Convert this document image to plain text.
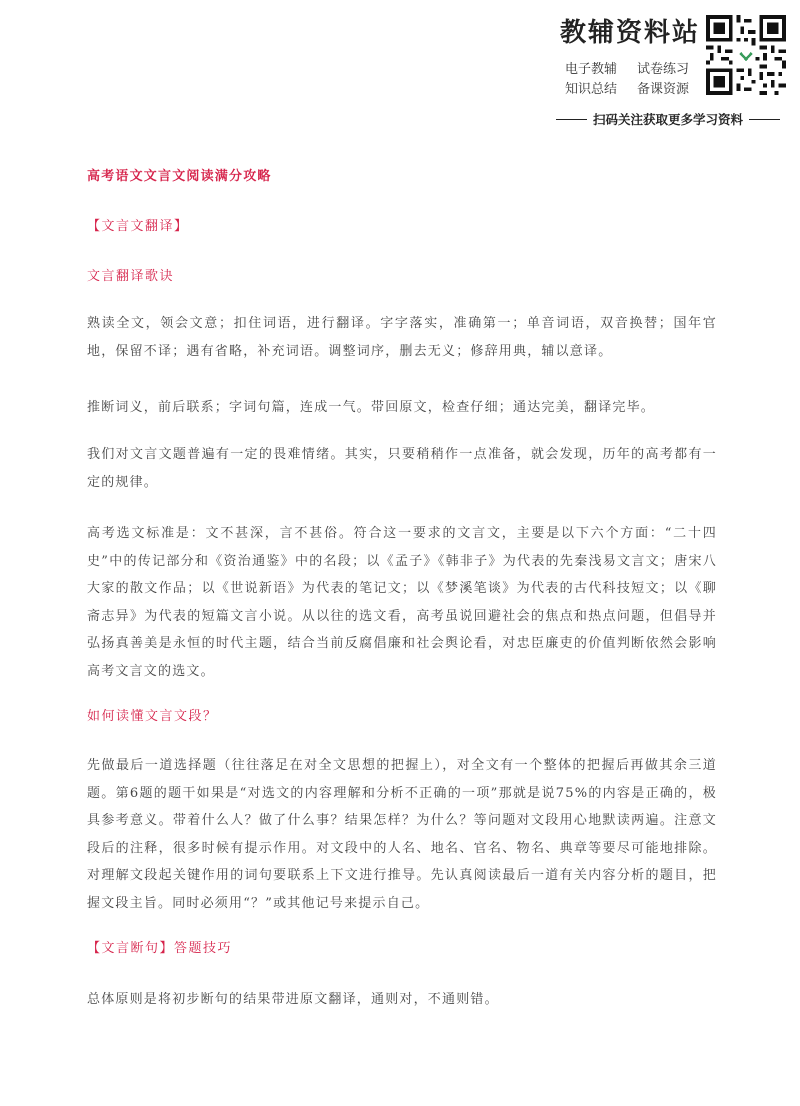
教辅资料站
电子教辅 试卷练习
知识总结 备课资源
扫码关注获取更多学习资料
高考语文文言文阅读满分攻略
【文言文翻译】
文言翻译歌诀
熟读全文，领会文意；扣住词语，进行翻译。字字落实，准确第一；单音词语，双音换替；国年官地，保留不译；遇有省略，补充词语。调整词序，删去无义；修辞用典，辅以意译。
推断词义，前后联系；字词句篇，连成一气。带回原文，检查仔细；通达完美，翻译完毕。
我们对文言文题普遍有一定的畏难情绪。其实，只要稍稍作一点准备，就会发现，历年的高考都有一定的规律。
高考选文标准是：文不甚深，言不甚俗。符合这一要求的文言文，主要是以下六个方面：“二十四史”中的传记部分和《资治通鉴》中的名段；以《孟子》《韩非子》为代表的先秦浅易文言文；唐宋八大家的散文作品；以《世说新语》为代表的笔记文；以《梦溪笔谈》为代表的古代科技短文；以《聊斋志异》为代表的短篇文言小说。从以往的选文看，高考虽说回避社会的焦点和热点问题，但倡导并弘扬真善美是永恒的时代主题，结合当前反腐倡廉和社会舆论看，对忠臣廉吏的价值判断依然会影响高考文言文的选文。
如何读懂文言文段？
先做最后一道选择题（往往落足在对全文思想的把握上），对全文有一个整体的把握后再做其余三道题。第6题的题干如果是“对选文的内容理解和分析不正确的一项”那就是说75%的内容是正确的，极具参考意义。带着什么人？做了什么事？结果怎样？为什么？等问题对文段用心地默读两遍。注意文段后的注释，很多时候有提示作用。对文段中的人名、地名、官名、物名、典章等要尽可能地排除。对理解文段起关键作用的词句要联系上下文进行推导。先认真阅读最后一道有关内容分析的题目，把握文段主旨。同时必须用“？”或其他记号来提示自己。
【文言断句】答题技巧
总体原则是将初步断句的结果带进原文翻译，通则对，不通则错。
